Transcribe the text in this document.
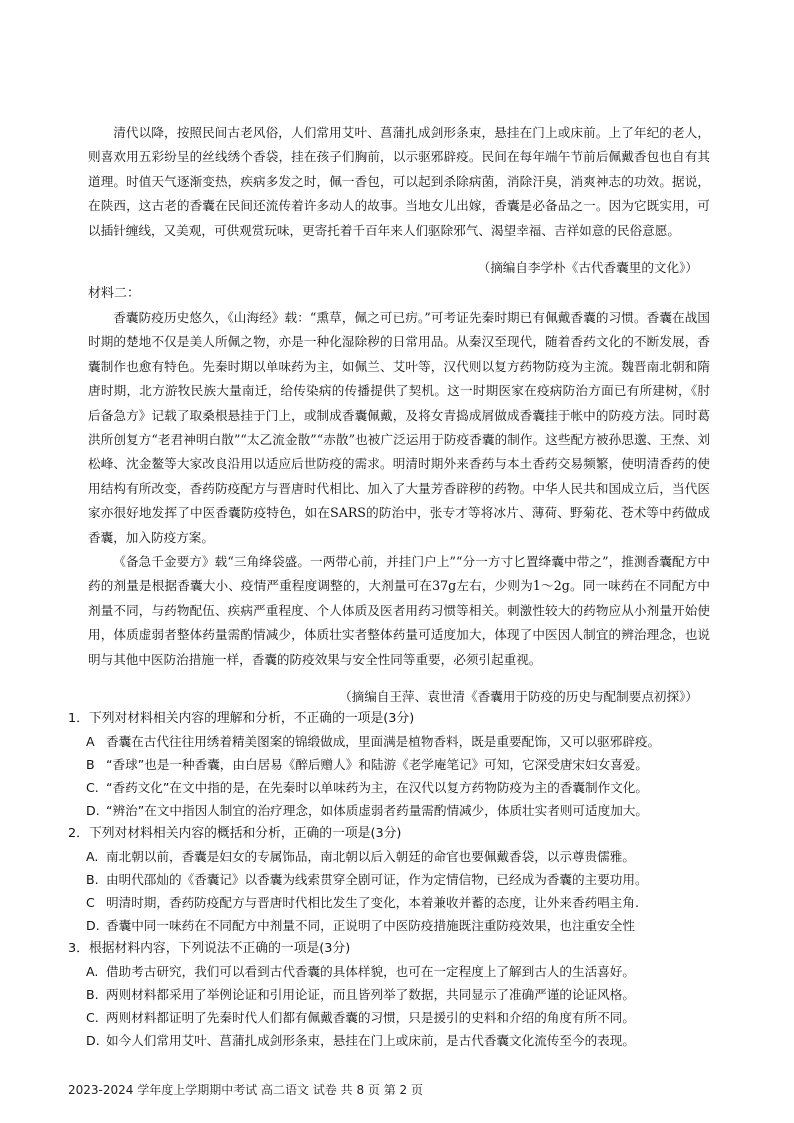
清代以降，按照民间古老风俗，人们常用艾叶、菖蒲扎成剑形条束，悬挂在门上或床前。上了年纪的老人，则喜欢用五彩纷呈的丝线绣个香袋，挂在孩子们胸前，以示驱邪辟疫。民间在每年端午节前后佩戴香包也自有其道理。时值天气逐渐变热，疾病多发之时，佩一香包，可以起到杀除病菌，消除汗臭，消爽神志的功效。据说，在陕西，这古老的香囊在民间还流传着许多动人的故事。当地女儿出嫁，香囊是必备品之一。因为它既实用，可以插针缠线，又美观，可供观赏玩味，更寄托着千百年来人们驱除邪气、渴望幸福、吉祥如意的民俗意愿。

（摘编自李学朴《古代香囊里的文化》）
材料二：

香囊防疫历史悠久，《山海经》载：“熏草，佩之可已疠。”可考证先秦时期已有佩戴香囊的习惯。香囊在战国时期的楚地不仅是美人所佩之物，亦是一种化湿除秽的日常用品。从秦汉至现代，随着香药文化的不断发展，香囊制作也愈有特色。先秦时期以单味药为主，如佩兰、艾叶等，汉代则以复方药物防疫为主流。魏晋南北朝和隋唐时期，北方游牧民族大量南迁，给传染病的传播提供了契机。这一时期医家在疫病防治方面已有所建树，《肘后备急方》记载了取桑根悬挂于门上，或制成香囊佩戴，及将女青捣成屑做成香囊挂于帐中的防疫方法。同时葛洪所创复方“老君神明白散”“太乙流金散”“赤散”也被广泛运用于防疫香囊的制作。这些配方被孙思邈、王焘、刘松峰、沈金鳌等大家改良沿用以适应后世防疫的需求。明清时期外来香药与本土香药交易频繁，使明清香药的使用结构有所改变，香药防疫配方与晋唐时代相比、加入了大量芳香辟秽的药物。中华人民共和国成立后，当代医家亦很好地发挥了中医香囊防疫特色，如在SARS的防治中，张专才等将冰片、薄荷、野菊花、苍术等中药做成香囊，加入防疫方案。

《备急千金要方》载“三角绛袋盛。一两带心前，并挂门户上”“分一方寸匕置绛囊中带之”，推测香囊配方中药的剂量是根据香囊大小、疫情严重程度调整的，大剂量可在37g左右，少则为1～2g。同一味药在不同配方中剂量不同，与药物配伍、疾病严重程度、个人体质及医者用药习惯等相关。刺激性较大的药物应从小剂量开始使用，体质虚弱者整体药量需酌情减少，体质壮实者整体药量可适度加大，体现了中医因人制宜的辨治理念，也说明与其他中医防治措施一样，香囊的防疫效果与安全性同等重要，必须引起重视。

（摘编自王萍、袁世清《香囊用于防疫的历史与配制要点初探》）
1．下列对材料相关内容的理解和分析，不正确的一项是(3分)
A 香囊在古代往往用绣着精美图案的锦缎做成，里面满是植物香料，既是重要配饰，又可以驱邪辟疫。
B “香球”也是一种香囊，由白居易《醉后赠人》和陆游《老学庵笔记》可知，它深受唐宋妇女喜爱。
C. “香药文化”在文中指的是，在先秦时以单味药为主，在汉代以复方药物防疫为主的香囊制作文化。
D. “辨治”在文中指因人制宜的治疗理念，如体质虚弱者药量需酌情减少，体质壮实者则可适度加大。
2．下列对材料相关内容的概括和分析，正确的一项是(3分)
A. 南北朝以前，香囊是妇女的专属饰品，南北朝以后入朝廷的命官也要佩戴香袋，以示尊贵儒雅。
B. 由明代邵灿的《香囊记》以香囊为线索贯穿全剧可证，作为定情信物，已经成为香囊的主要功用。
C 明清时期，香药防疫配方与晋唐时代相比发生了变化，本着兼收并蓄的态度，让外来香药唱主角.
D. 香囊中同一味药在不同配方中剂量不同，正说明了中医防疫措施既注重防疫效果，也注重安全性
3．根据材料内容，下列说法不正确的一项是(3分)
A. 借助考古研究，我们可以看到古代香囊的具体样貌，也可在一定程度上了解到古人的生活喜好。
B. 两则材料都采用了举例论证和引用论证，而且皆列举了数据，共同显示了准确严谨的论证风格。
C. 两则材料都证明了先秦时代人们都有佩戴香囊的习惯，只是援引的史料和介绍的角度有所不同。
D. 如今人们常用艾叶、菖蒲扎成剑形条束，悬挂在门上或床前，是古代香囊文化流传至今的表现。
2023-2024 学年度上学期期中考试 高二语文 试卷 共 8 页 第 2 页
